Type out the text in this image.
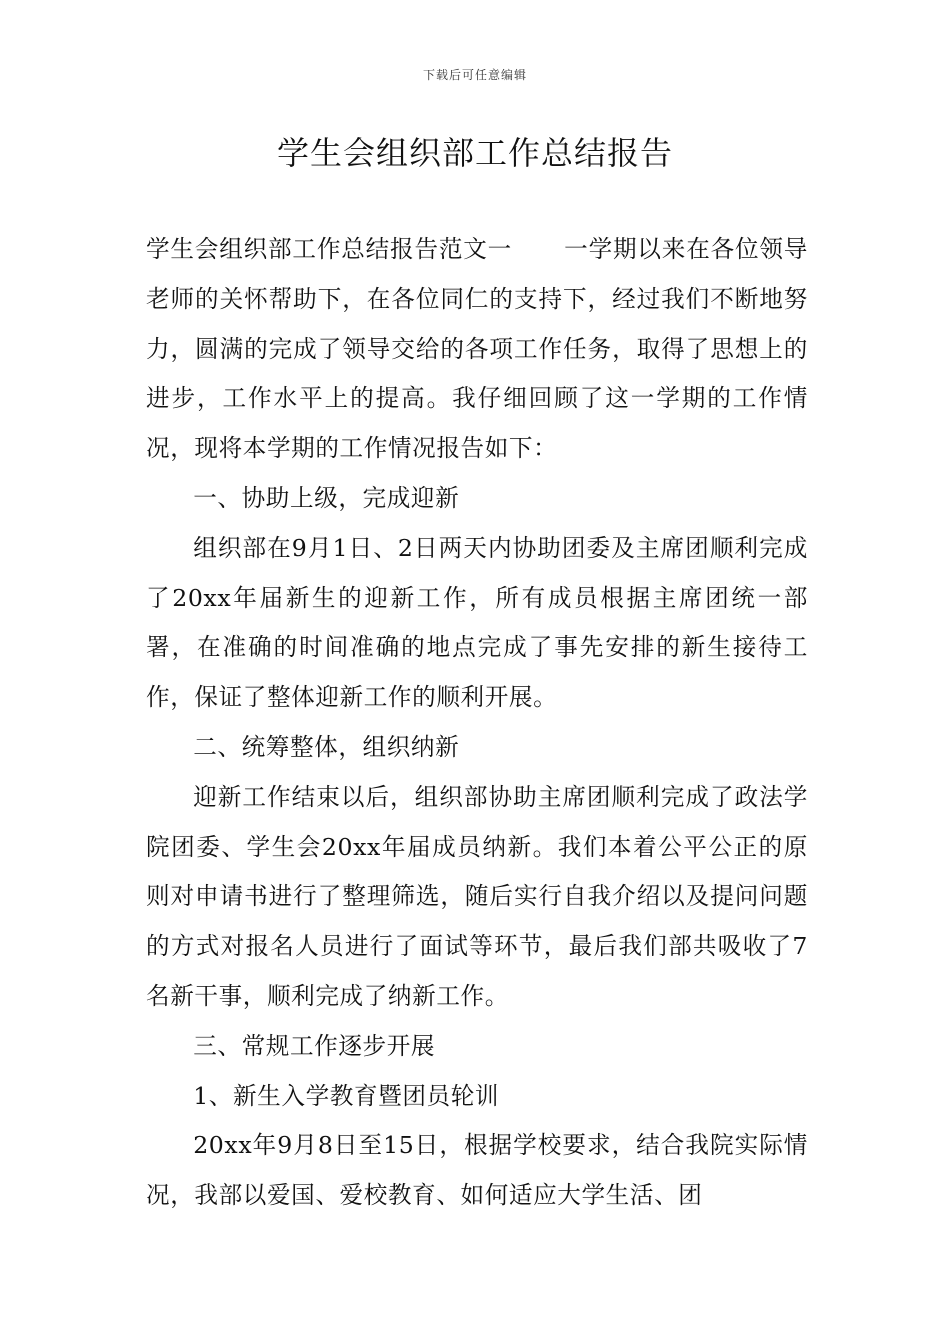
下载后可任意编辑
学生会组织部工作总结报告

学生会组织部工作总结报告范文一 一学期以来在各位领导老师的关怀帮助下，在各位同仁的支持下，经过我们不断地努力，圆满的完成了领导交给的各项工作任务，取得了思想上的进步，工作水平上的提高。我仔细回顾了这一学期的工作情况，现将本学期的工作情况报告如下：

一、协助上级，完成迎新

组织部在9月1日、2日两天内协助团委及主席团顺利完成了20xx年届新生的迎新工作，所有成员根据主席团统一部署，在准确的时间准确的地点完成了事先安排的新生接待工作，保证了整体迎新工作的顺利开展。

二、统筹整体，组织纳新

迎新工作结束以后，组织部协助主席团顺利完成了政法学院团委、学生会20xx年届成员纳新。我们本着公平公正的原则对申请书进行了整理筛选，随后实行自我介绍以及提问问题的方式对报名人员进行了面试等环节，最后我们部共吸收了7名新干事，顺利完成了纳新工作。

三、常规工作逐步开展

1、新生入学教育暨团员轮训

20xx年9月8日至15日，根据学校要求，结合我院实际情况，我部以爱国、爱校教育、如何适应大学生活、团
